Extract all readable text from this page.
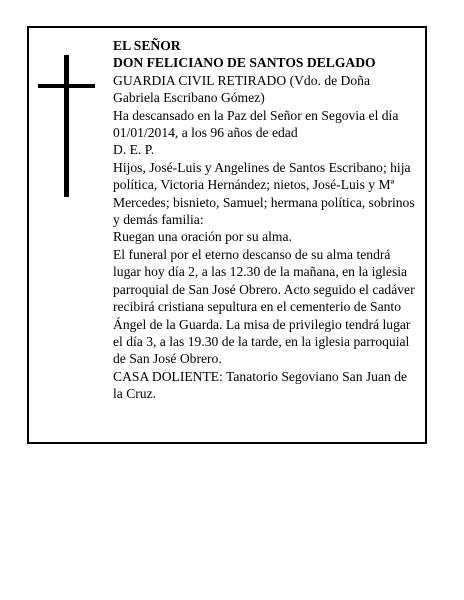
EL SEÑOR

DON FELICIANO DE SANTOS DELGADO

GUARDIA CIVIL RETIRADO (Vdo. de Doña Gabriela Escribano Gómez)

Ha descansado en la Paz del Señor en Segovia el día 01/01/2014, a los 96 años de edad

D. E. P.

Hijos, José-Luis y Angelines de Santos Escribano; hija política, Victoria Hernández; nietos, José-Luis y Mª Mercedes; bisnieto, Samuel; hermana política, sobrinos y demás familia:

Ruegan una oración por su alma.

El funeral por el eterno descanso de su alma tendrá lugar hoy día 2, a las 12.30 de la mañana, en la iglesia parroquial de San José Obrero. Acto seguido el cadáver recibirá cristiana sepultura en el cementerio de Santo Ángel de la Guarda. La misa de privilegio tendrá lugar el día 3, a las 19.30 de la tarde, en la iglesia parroquial de San José Obrero.

CASA DOLIENTE: Tanatorio Segoviano San Juan de la Cruz.
